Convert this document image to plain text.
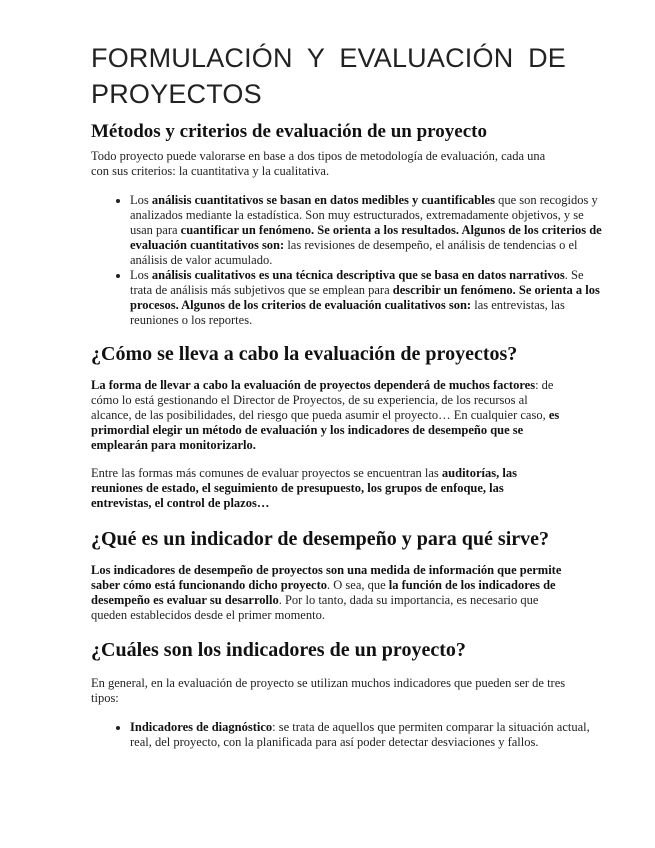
FORMULACIÓN Y EVALUACIÓN DE
PROYECTOS
Métodos y criterios de evaluación de un proyecto

Todo proyecto puede valorarse en base a dos tipos de metodología de evaluación, cada una con sus criterios: la cuantitativa y la cualitativa.

• Los análisis cuantitativos se basan en datos medibles y cuantificables que son recogidos y analizados mediante la estadística. Son muy estructurados, extremadamente objetivos, y se usan para cuantificar un fenómeno. Se orienta a los resultados. Algunos de los criterios de evaluación cuantitativos son: las revisiones de desempeño, el análisis de tendencias o el análisis de valor acumulado.
• Los análisis cualitativos es una técnica descriptiva que se basa en datos narrativos. Se trata de análisis más subjetivos que se emplean para describir un fenómeno. Se orienta a los procesos. Algunos de los criterios de evaluación cualitativos son: las entrevistas, las reuniones o los reportes.
¿Cómo se lleva a cabo la evaluación de proyectos?

La forma de llevar a cabo la evaluación de proyectos dependerá de muchos factores: de cómo lo está gestionando el Director de Proyectos, de su experiencia, de los recursos al alcance, de las posibilidades, del riesgo que pueda asumir el proyecto… En cualquier caso, es primordial elegir un método de evaluación y los indicadores de desempeño que se emplearán para monitorizarlo.

Entre las formas más comunes de evaluar proyectos se encuentran las auditorías, las reuniones de estado, el seguimiento de presupuesto, los grupos de enfoque, las entrevistas, el control de plazos…

¿Qué es un indicador de desempeño y para qué sirve?

Los indicadores de desempeño de proyectos son una medida de información que permite saber cómo está funcionando dicho proyecto. O sea, que la función de los indicadores de desempeño es evaluar su desarrollo. Por lo tanto, dada su importancia, es necesario que queden establecidos desde el primer momento.

¿Cuáles son los indicadores de un proyecto?

En general, en la evaluación de proyecto se utilizan muchos indicadores que pueden ser de tres tipos:

• Indicadores de diagnóstico: se trata de aquellos que permiten comparar la situación actual, real, del proyecto, con la planificada para así poder detectar desviaciones y fallos.
